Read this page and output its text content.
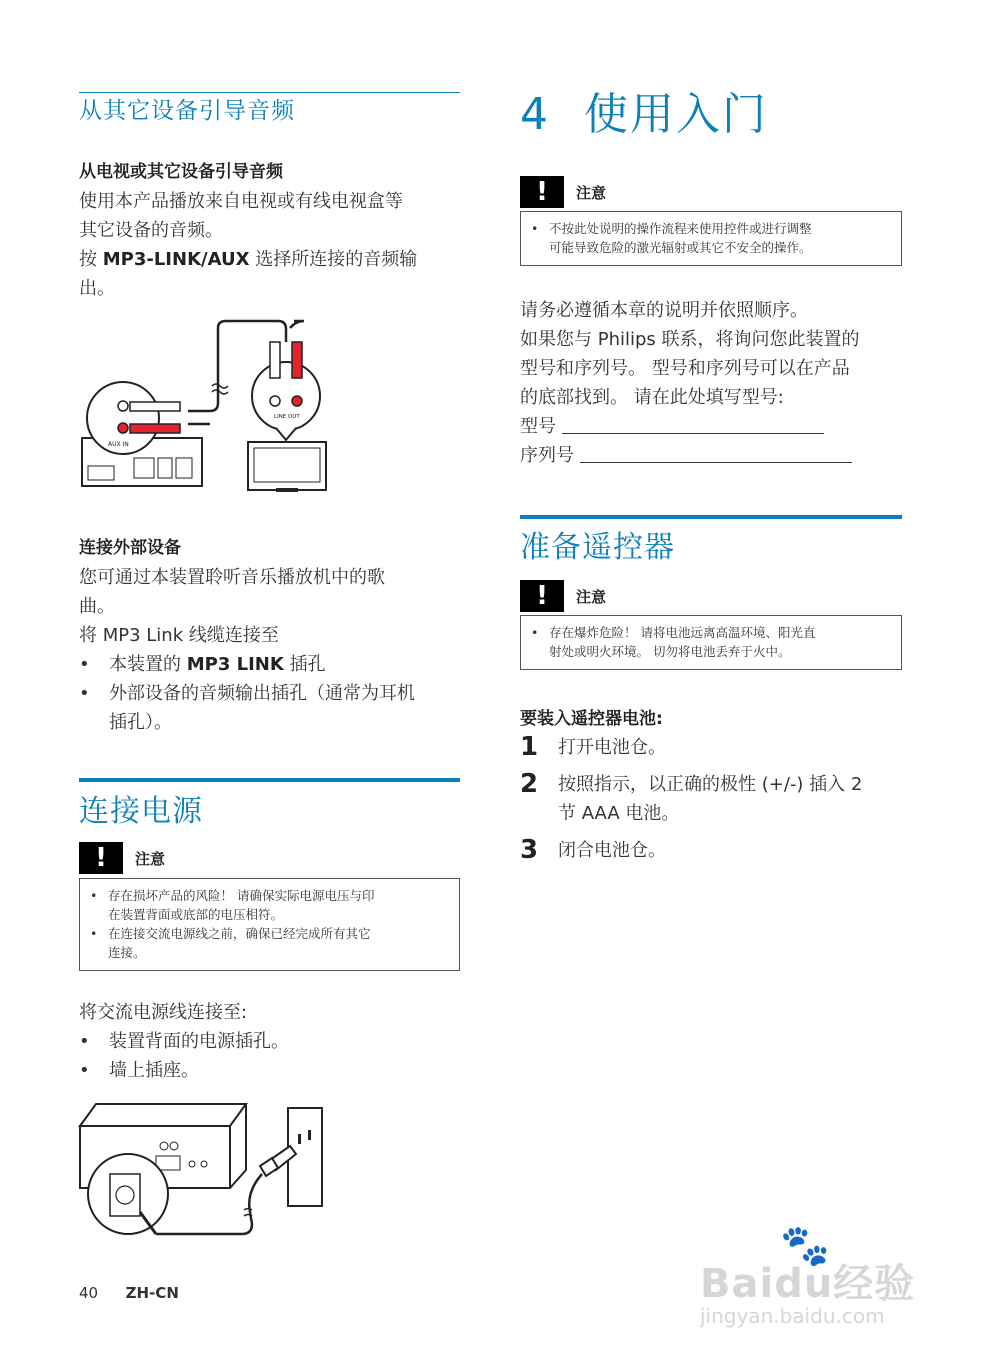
从其它设备引导音频
从电视或其它设备引导音频
使用本产品播放来自电视或有线电视盒等
其它设备的音频。
按 MP3-LINK/AUX 选择所连接的音频输
出。
AUX IN
LINE OUT
连接外部设备
您可通过本装置聆听音乐播放机中的歌
曲。
将 MP3 Link 线缆连接至
•	本装置的 MP3 LINK 插孔
•	外部设备的音频输出插孔（通常为耳机
插孔）。
连接电源
!	注意
• 存在损坏产品的风险！ 请确保实际电源电压与印
在装置背面或底部的电压相符。
• 在连接交流电源线之前，确保已经完成所有其它
连接。
将交流电源线连接至:
•	装置背面的电源插孔。
•	墙上插座。
4 使用入门
!	注意
• 不按此处说明的操作流程来使用控件或进行调整
可能导致危险的激光辐射或其它不安全的操作。
请务必遵循本章的说明并依照顺序。
如果您与 Philips 联系，将询问您此装置的
型号和序列号。 型号和序列号可以在产品
的底部找到。 请在此处填写型号:
型号
序列号
准备遥控器
!	注意
• 存在爆炸危险！ 请将电池远离高温环境、阳光直
射处或明火环境。 切勿将电池丢弃于火中。
要装入遥控器电池:
1	打开电池仓。
2	按照指示，以正确的极性 (+/-) 插入 2
节 AAA 电池。
3	闭合电池仓。
40 ZH-CN
🐾
Baidu经验
jingyan.baidu.com
